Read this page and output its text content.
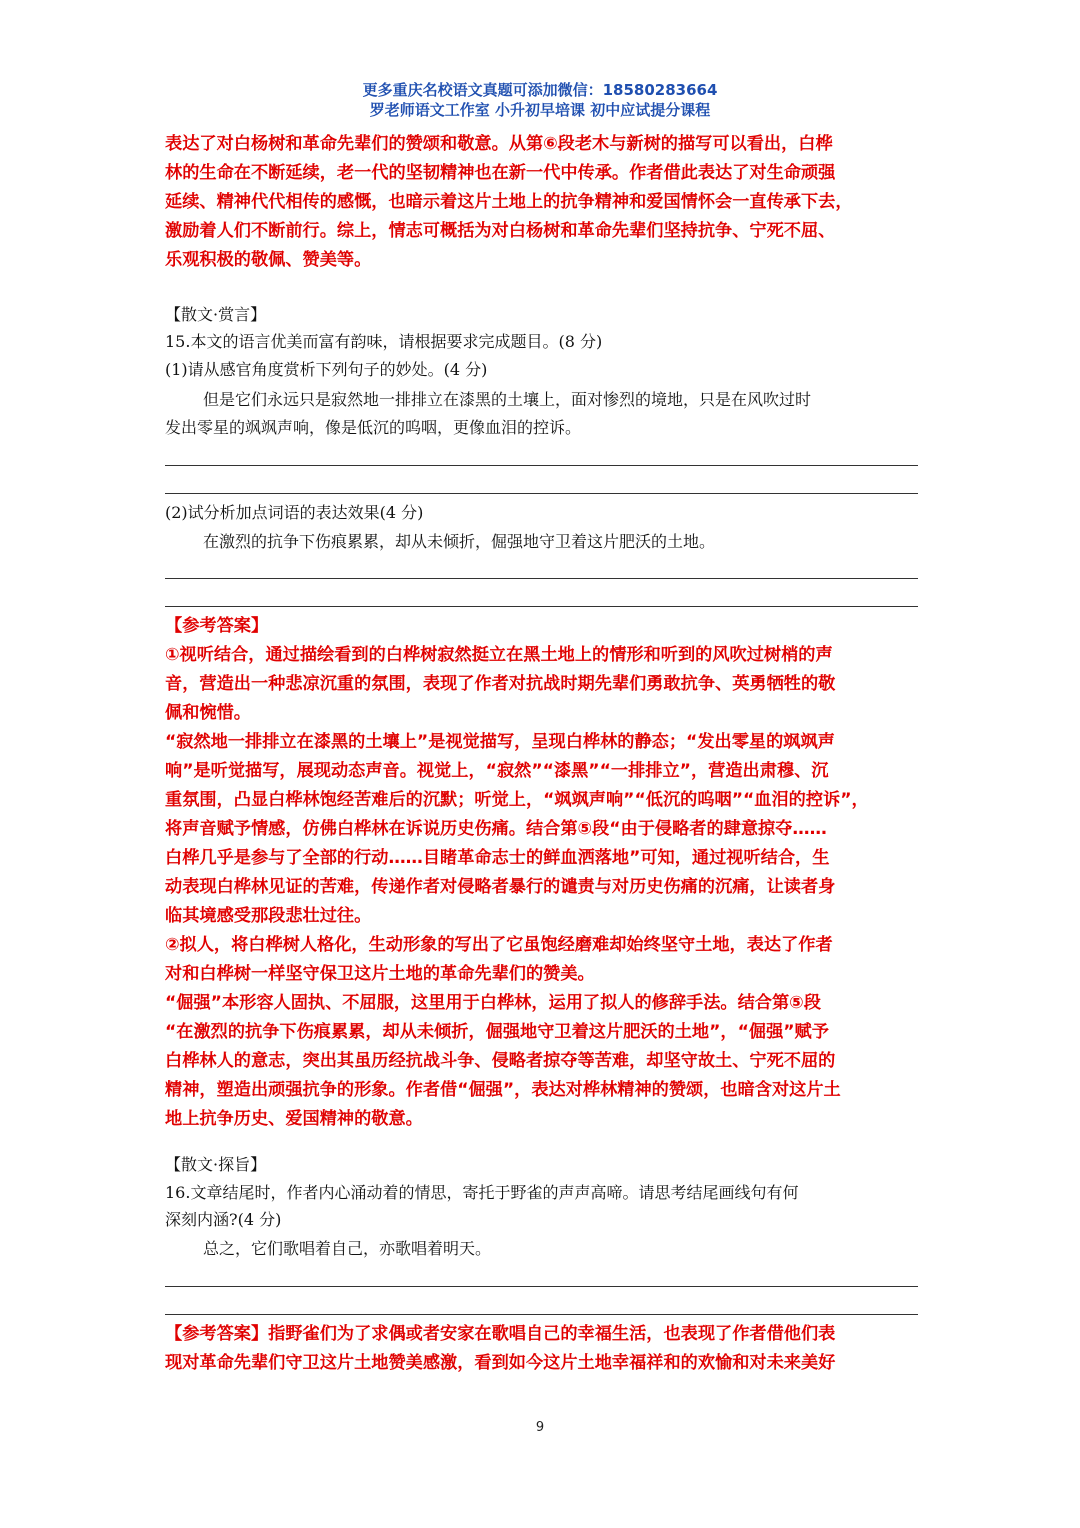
更多重庆名校语文真题可添加微信：18580283664
罗老师语文工作室 小升初早培课 初中应试提分课程

表达了对白杨树和革命先辈们的赞颂和敬意。从第⑥段老木与新树的描写可以看出，白桦

林的生命在不断延续，老一代的坚韧精神也在新一代中传承。作者借此表达了对生命顽强

延续、精神代代相传的感慨，也暗示着这片土地上的抗争精神和爱国情怀会一直传承下去，

激励着人们不断前行。综上，情志可概括为对白杨树和革命先辈们坚持抗争、宁死不屈、

乐观积极的敬佩、赞美等。

【散文·赏言】
15.本文的语言优美而富有韵味，请根据要求完成题目。(8 分)
(1)请从感官角度赏析下列句子的妙处。(4 分)
但是它们永远只是寂然地一排排立在漆黑的土壤上，面对惨烈的境地，只是在风吹过时
发出零星的飒飒声响，像是低沉的呜咽，更像血泪的控诉。
(2)试分析加点词语的表达效果(4 分)
在激烈的抗争下伤痕累累，却从未倾折，倔强地守卫着这片肥沃的土地。

【参考答案】

①视听结合，通过描绘看到的白桦树寂然挺立在黑土地上的情形和听到的风吹过树梢的声

音，营造出一种悲凉沉重的氛围，表现了作者对抗战时期先辈们勇敢抗争、英勇牺牲的敬

佩和惋惜。

“寂然地一排排立在漆黑的土壤上”是视觉描写，呈现白桦林的静态；“发出零星的飒飒声

响”是听觉描写，展现动态声音。视觉上，“寂然”“漆黑”“一排排立”，营造出肃穆、沉

重氛围，凸显白桦林饱经苦难后的沉默；听觉上，“飒飒声响”“低沉的呜咽”“血泪的控诉”，

将声音赋予情感，仿佛白桦林在诉说历史伤痛。结合第⑤段“由于侵略者的肆意掠夺……

白桦几乎是参与了全部的行动……目睹革命志士的鲜血洒落地”可知，通过视听结合，生

动表现白桦林见证的苦难，传递作者对侵略者暴行的谴责与对历史伤痛的沉痛，让读者身

临其境感受那段悲壮过往。

②拟人，将白桦树人格化，生动形象的写出了它虽饱经磨难却始终坚守土地，表达了作者

对和白桦树一样坚守保卫这片土地的革命先辈们的赞美。

“倔强”本形容人固执、不屈服，这里用于白桦林，运用了拟人的修辞手法。结合第⑤段

“在激烈的抗争下伤痕累累，却从未倾折，倔强地守卫着这片肥沃的土地”，“倔强”赋予

白桦林人的意志，突出其虽历经抗战斗争、侵略者掠夺等苦难，却坚守故土、宁死不屈的

精神，塑造出顽强抗争的形象。作者借“倔强”，表达对桦林精神的赞颂，也暗含对这片土

地上抗争历史、爱国精神的敬意。

【散文·探旨】
16.文章结尾时，作者内心涌动着的情思，寄托于野雀的声声高啼。请思考结尾画线句有何
深刻内涵?(4 分)
总之，它们歌唱着自己，亦歌唱着明天。

【参考答案】指野雀们为了求偶或者安家在歌唱自己的幸福生活，也表现了作者借他们表

现对革命先辈们守卫这片土地赞美感激，看到如今这片土地幸福祥和的欢愉和对未来美好

9
